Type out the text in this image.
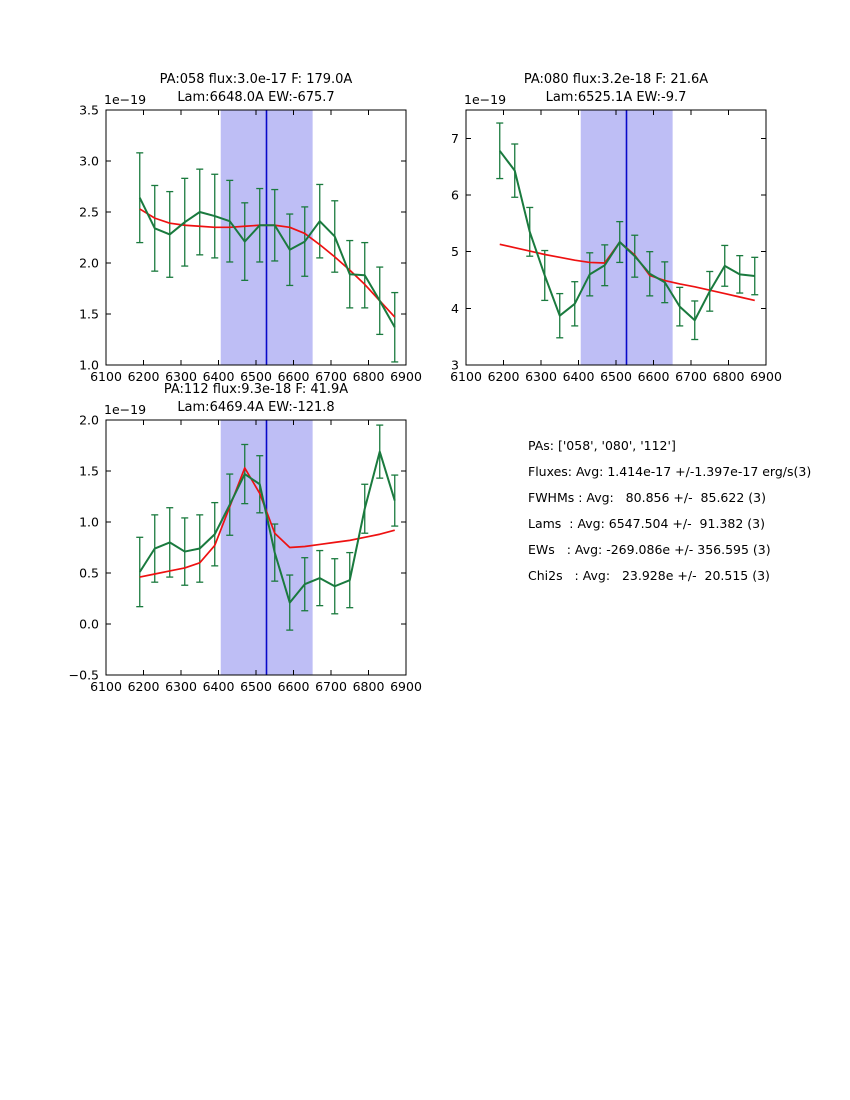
6100 6200 6300 6400 6500 6600 6700 6800 6900
1.0
1.5
2.0
2.5
3.0
3.5
6100 6200 6300 6400 6500 6600 6700 6800 6900
3
4
5
6
7
6100 6200 6300 6400 6500 6600 6700 6800 6900
−0.5
0.0
0.5
1.0
1.5
2.0
PA:058 flux:3.0e-17 F: 179.0A
Lam:6648.0A EW:-675.7
PA:080 flux:3.2e-18 F: 21.6A
Lam:6525.1A EW:-9.7
PA:112 flux:9.3e-18 F: 41.9A
Lam:6469.4A EW:-121.8
1e−19	1e−19
1e−19
PAs: ['058', '080', '112']
Fluxes: Avg: 1.414e-17 +/-1.397e-17 erg/s(3)
FWHMs : Avg:   80.856 +/-  85.622 (3)
Lams  : Avg: 6547.504 +/-  91.382 (3)
EWs   : Avg: -269.086e +/- 356.595 (3)
Chi2s   : Avg:   23.928e +/-  20.515 (3)
